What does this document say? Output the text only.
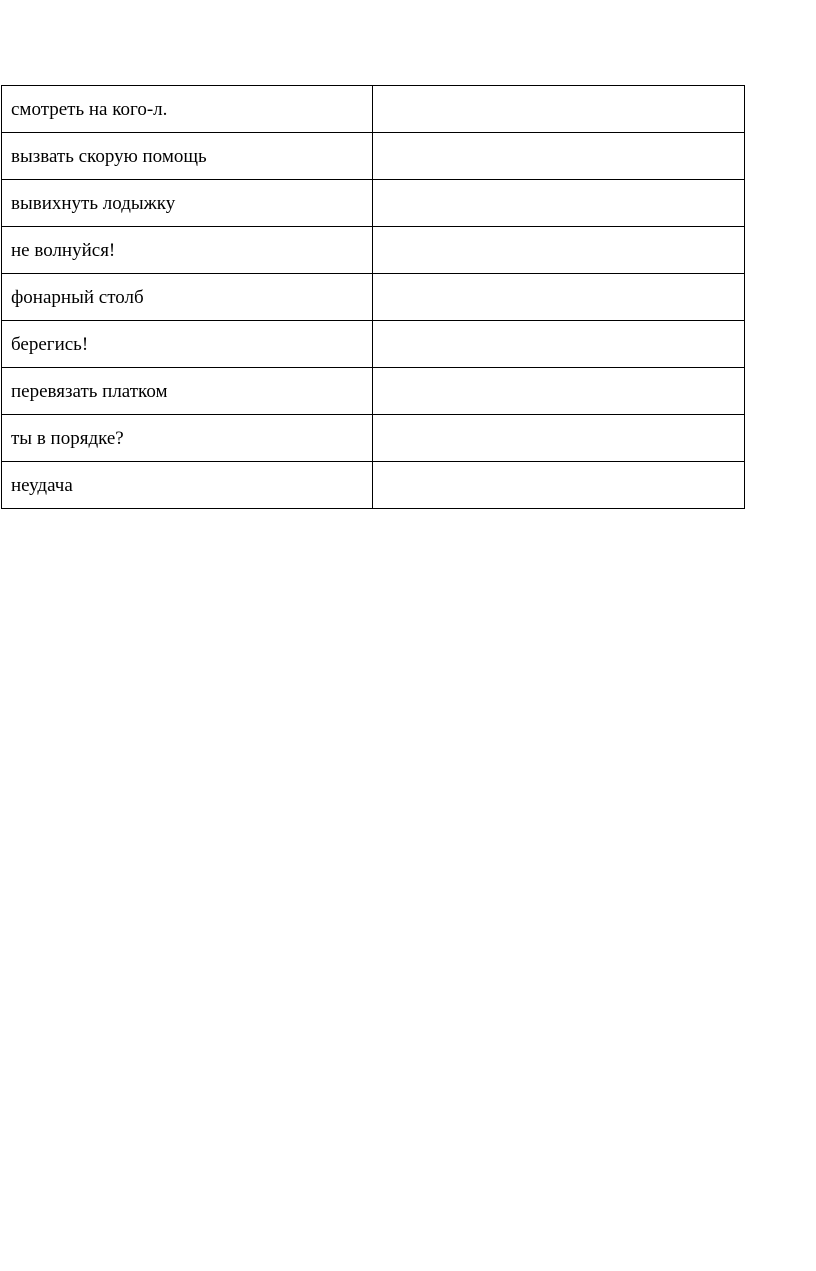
смотреть на кого-л.	
вызвать скорую помощь	
вывихнуть лодыжку	
не волнуйся!	
фонарный столб	
берегись!	
перевязать платком	
ты в порядке?	
неудача	
